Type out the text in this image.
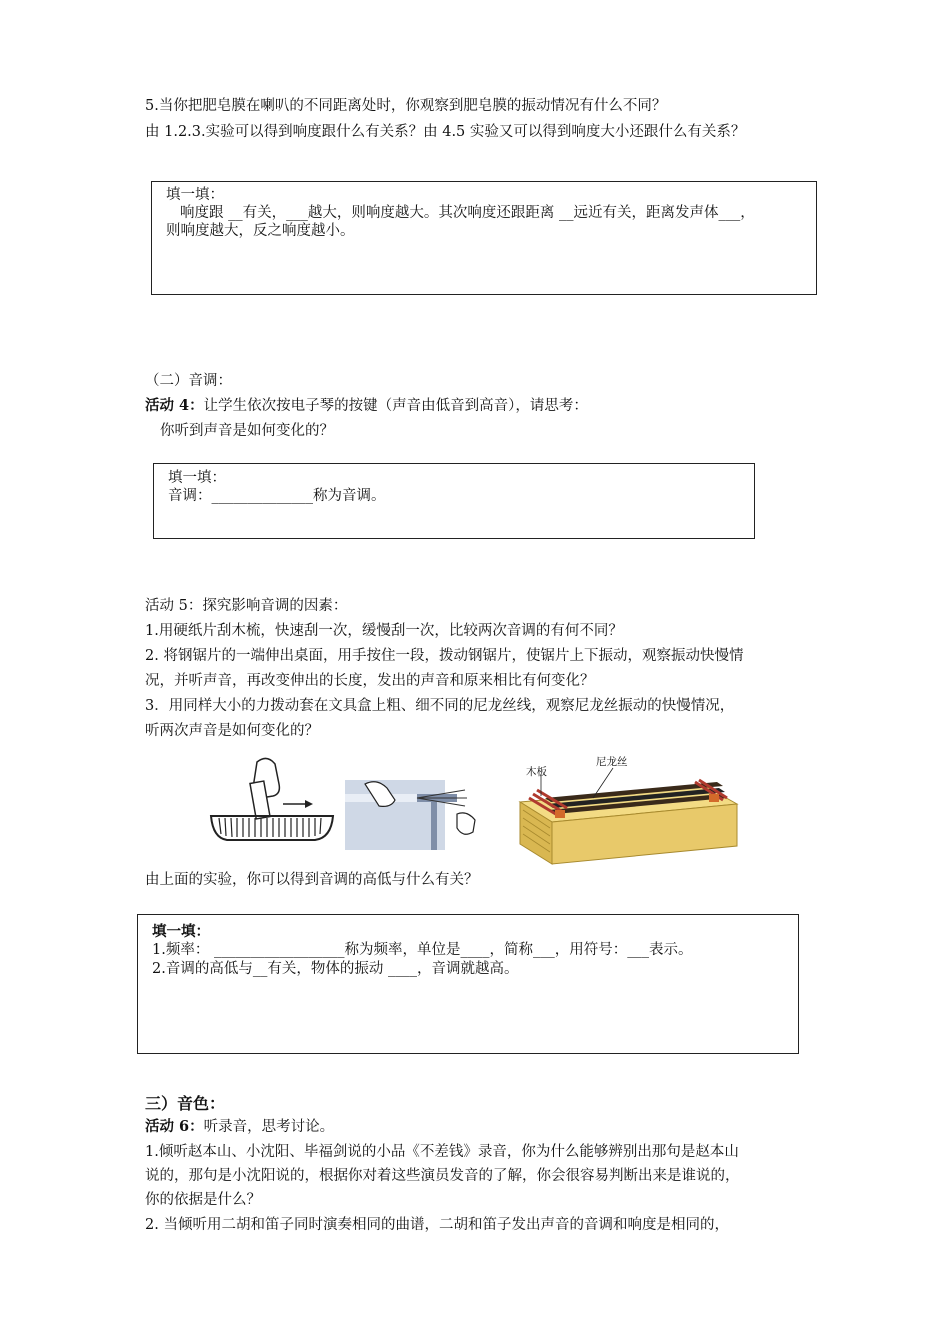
5.当你把肥皂膜在喇叭的不同距离处时，你观察到肥皂膜的振动情况有什么不同？
由 1.2.3.实验可以得到响度跟什么有关系？由 4.5 实验又可以得到响度大小还跟什么有关系？
填一填：
响度跟 __有关，___越大，则响度越大。其次响度还跟距离 __远近有关，距离发声体___，
则响度越大，反之响度越小。
（二）音调：
活动 4：让学生依次按电子琴的按键（声音由低音到高音），请思考：
你听到声音是如何变化的？
填一填：
音调：______________称为音调。
活动 5：探究影响音调的因素：
1.用硬纸片刮木梳，快速刮一次，缓慢刮一次，比较两次音调的有何不同？
2. 将钢锯片的一端伸出桌面，用手按住一段，拨动钢锯片，使锯片上下振动，观察振动快慢情
况，并听声音，再改变伸出的长度，发出的声音和原来相比有何变化？
3．用同样大小的力拨动套在文具盒上粗、细不同的尼龙丝线，观察尼龙丝振动的快慢情况，
听两次声音是如何变化的？
木板
尼龙丝
由上面的实验，你可以得到音调的高低与什么有关？
填一填：
1.频率： __________________称为频率，单位是____，简称___，用符号：___表示。
2.音调的高低与__有关，物体的振动 ____，音调就越高。
三）音色：
活动 6：听录音，思考讨论。
1.倾听赵本山、小沈阳、毕福剑说的小品《不差钱》录音，你为什么能够辨别出那句是赵本山
说的，那句是小沈阳说的，根据你对着这些演员发音的了解，你会很容易判断出来是谁说的，
你的依据是什么？
2. 当倾听用二胡和笛子同时演奏相同的曲谱，二胡和笛子发出声音的音调和响度是相同的，
